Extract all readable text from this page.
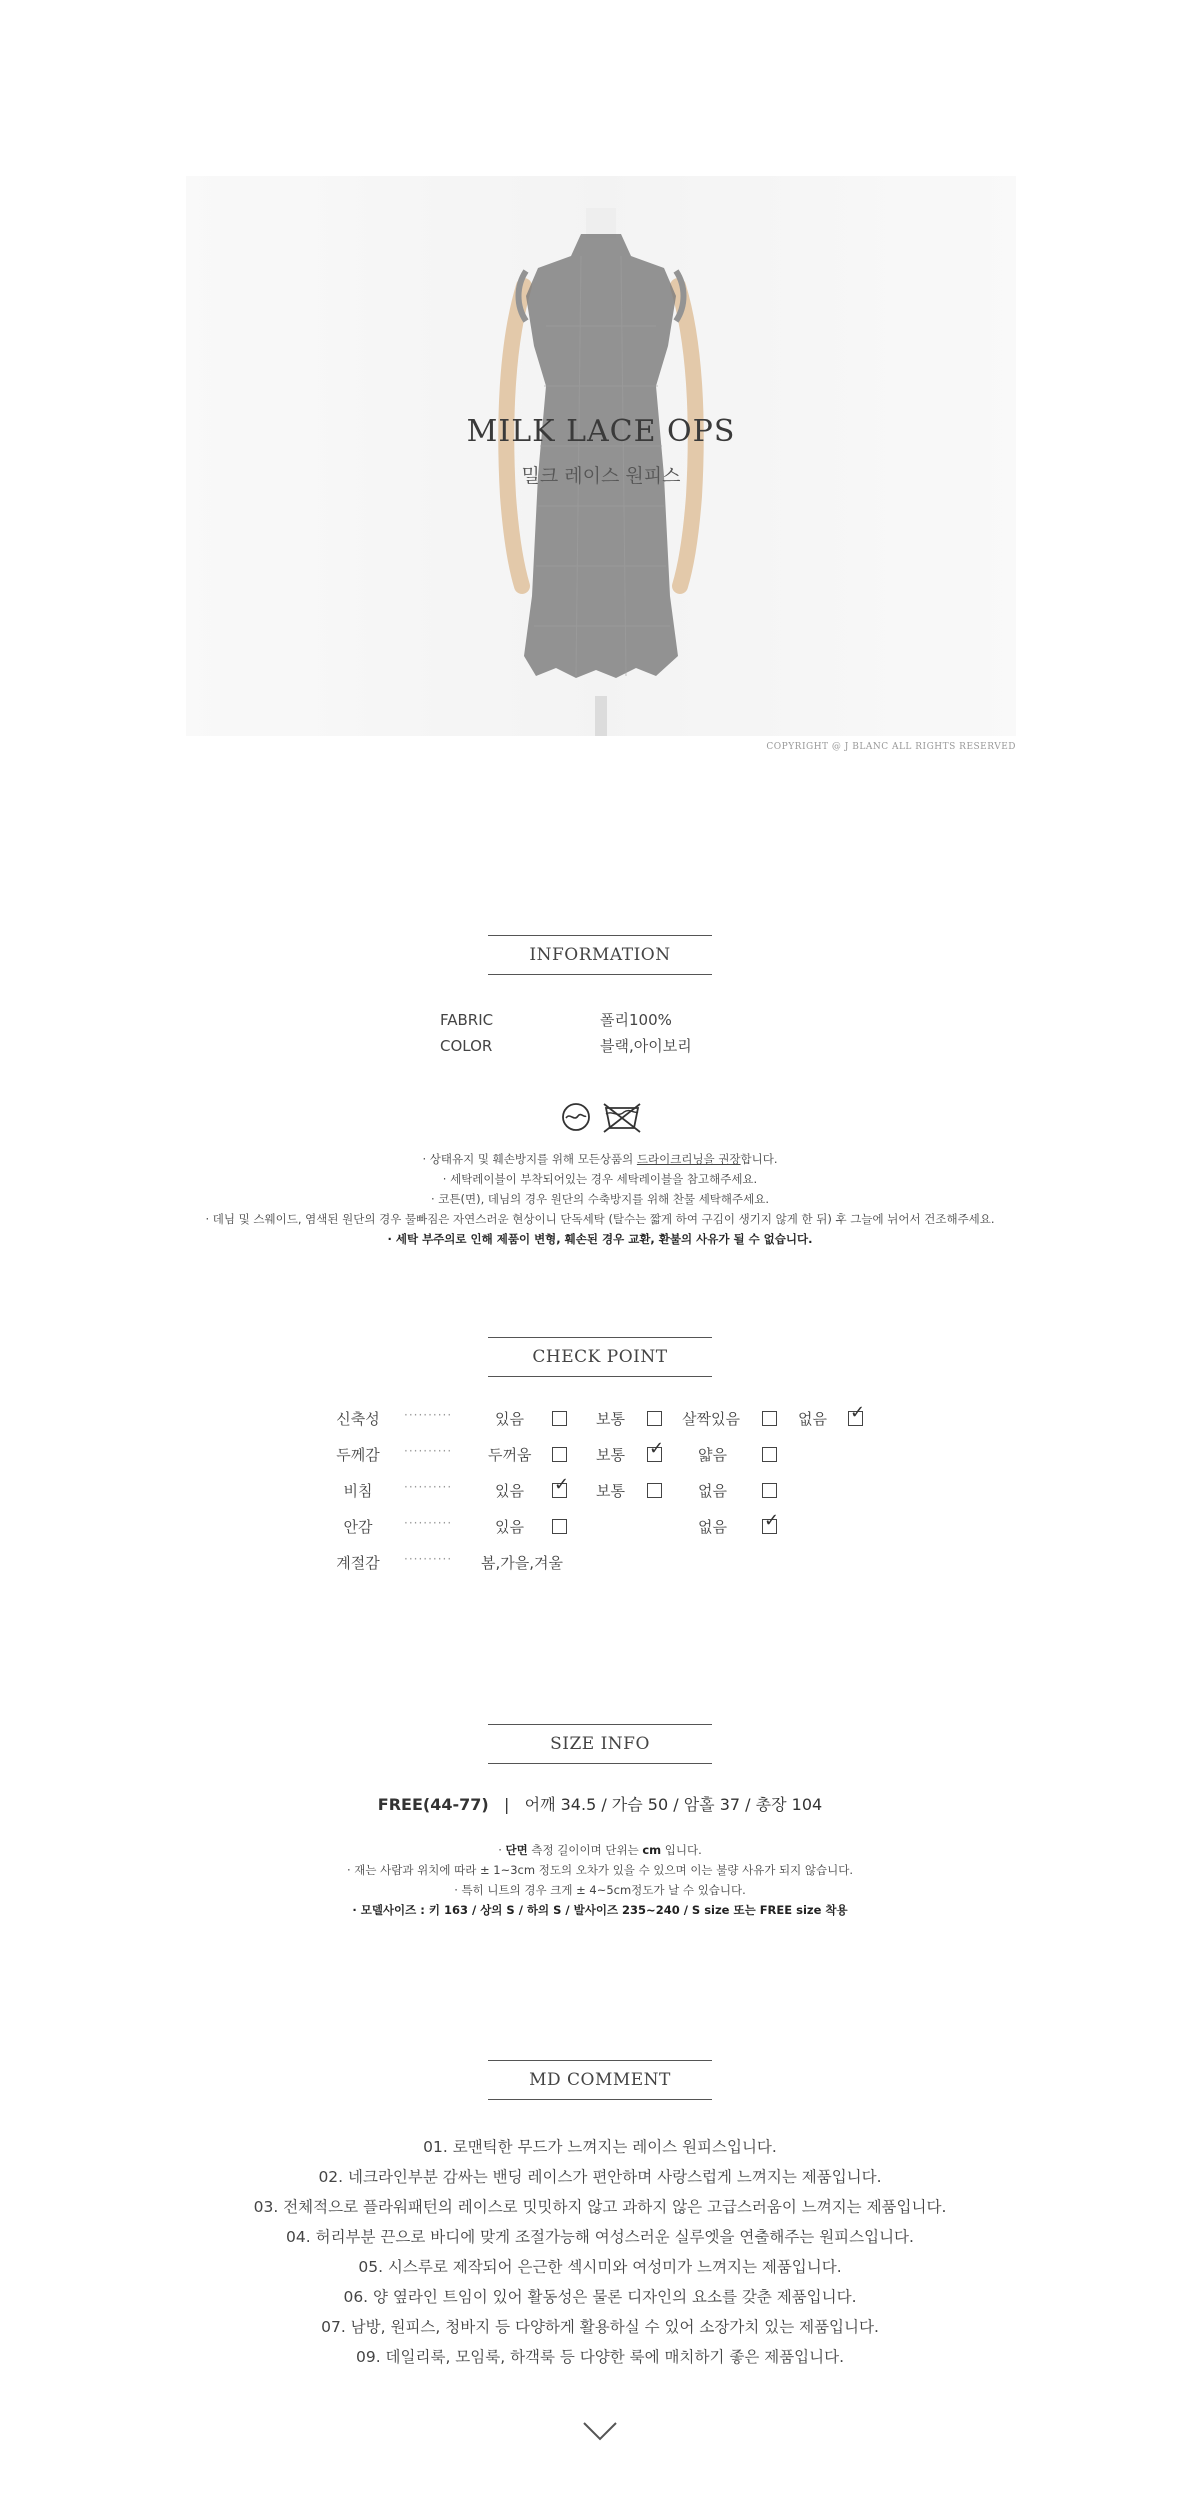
MILK LACE OPS
밀크 레이스 원피스
COPYRIGHT @ J BLANC ALL RIGHTS RESERVED
INFORMATION
FABRIC	폴리100%
COLOR	블랙,아이보리
· 상태유지 및 훼손방지를 위해 모든상품의 드라이크리닝을 권장합니다.
· 세탁레이블이 부착되어있는 경우 세탁레이블을 참고해주세요.
· 코튼(면), 데님의 경우 원단의 수축방지를 위해 찬물 세탁해주세요.
· 데님 및 스웨이드, 염색된 원단의 경우 물빠짐은 자연스러운 현상이니 단독세탁 (탈수는 짧게 하여 구김이 생기지 않게 한 뒤) 후 그늘에 뉘어서 건조해주세요.
· 세탁 부주의로 인해 제품이 변형, 훼손된 경우 교환, 환불의 사유가 될 수 없습니다.
CHECK POINT
신축성	··········	있음	보통	살짝있음	없음 ✓
두께감	·········· 두꺼움	보통 ✓ 얇음
비침	··········	있음 ✓ 보통	없음
안감	··········	있음	없음 ✓
계절감	·········· 봄,가을,겨울
SIZE INFO
FREE(44-77) | 어깨 34.5 / 가슴 50 / 암홀 37 / 총장 104
· 단면 측정 길이이며 단위는 cm 입니다.
· 재는 사람과 위치에 따라 ± 1~3cm 정도의 오차가 있을 수 있으며 이는 불량 사유가 되지 않습니다.
· 특히 니트의 경우 크게 ± 4~5cm정도가 날 수 있습니다.
· 모델사이즈 : 키 163 / 상의 S / 하의 S / 발사이즈 235~240 / S size 또는 FREE size 착용
MD COMMENT
01. 로맨틱한 무드가 느껴지는 레이스 원피스입니다.
02. 네크라인부분 감싸는 밴딩 레이스가 편안하며 사랑스럽게 느껴지는 제품입니다.
03. 전체적으로 플라워패턴의 레이스로 밋밋하지 않고 과하지 않은 고급스러움이 느껴지는 제품입니다.
04. 허리부분 끈으로 바디에 맞게 조절가능해 여성스러운 실루엣을 연출해주는 원피스입니다.
05. 시스루로 제작되어 은근한 섹시미와 여성미가 느껴지는 제품입니다.
06. 양 옆라인 트임이 있어 활동성은 물론 디자인의 요소를 갖춘 제품입니다.
07. 남방, 원피스, 청바지 등 다양하게 활용하실 수 있어 소장가치 있는 제품입니다.
09. 데일리룩, 모임룩, 하객룩 등 다양한 룩에 매치하기 좋은 제품입니다.
